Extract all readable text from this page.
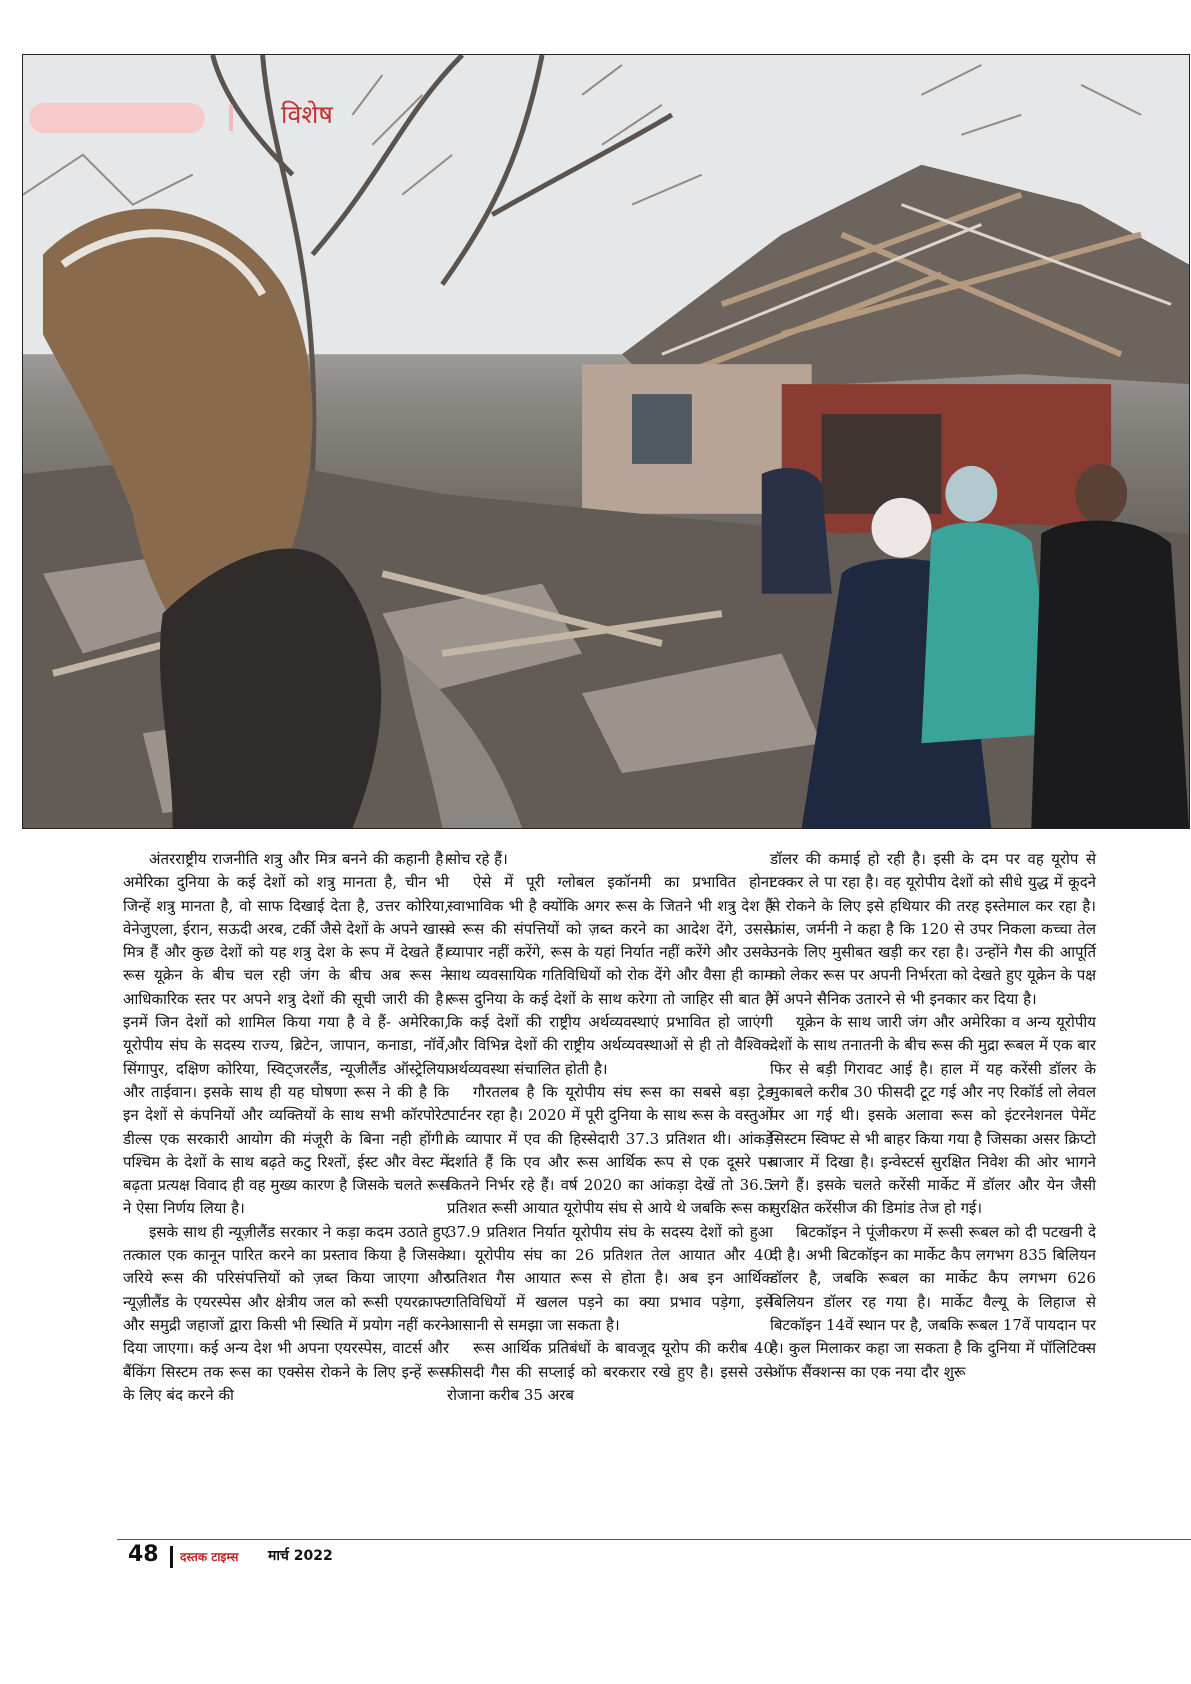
विशेष

अंतरराष्ट्रीय राजनीति शत्रु और मित्र बनने की कहानी है। अमेरिका दुनिया के कई देशों को शत्रु मानता है, चीन भी जिन्हें शत्रु मानता है, वो साफ दिखाई देता है, उत्तर कोरिया, वेनेजुएला, ईरान, सऊदी अरब, टर्की जैसे देशों के अपने खास मित्र हैं और कुछ देशों को यह शत्रु देश के रूप में देखते हैं। रूस यूक्रेन के बीच चल रही जंग के बीच अब रूस ने आधिकारिक स्तर पर अपने शत्रु देशों की सूची जारी की है। इनमें जिन देशों को शामिल किया गया है वे हैं- अमेरिका, यूरोपीय संघ के सदस्य राज्य, ब्रिटेन, जापान, कनाडा, नॉर्वे, सिंगापुर, दक्षिण कोरिया, स्विट्जरलैंड, न्यूजीलैंड ऑस्ट्रेलिया और ताईवान। इसके साथ ही यह घोषणा रूस ने की है कि इन देशों से कंपनियों और व्यक्तियों के साथ सभी कॉरपोरेट डील्स एक सरकारी आयोग की मंजूरी के बिना नही होंगी। पश्चिम के देशों के साथ बढ़ते कटु रिश्तों, ईस्ट और वेस्ट में बढ़ता प्रत्यक्ष विवाद ही वह मुख्य कारण है जिसके चलते रूस ने ऐसा निर्णय लिया है।

इसके साथ ही न्यूज़ीलैंड सरकार ने कड़ा कदम उठाते हुए तत्काल एक कानून पारित करने का प्रस्ताव किया है जिसके जरिये रूस की परिसंपत्तियों को ज़ब्त किया जाएगा और न्यूज़ीलैंड के एयरस्पेस और क्षेत्रीय जल को रूसी एयरक्राफ्ट और समुद्री जहाजों द्वारा किसी भी स्थिति में प्रयोग नहीं करने दिया जाएगा। कई अन्य देश भी अपना एयरस्पेस, वाटर्स और बैंकिंग सिस्टम तक रूस का एक्सेस रोकने के लिए इन्हें रूस के लिए बंद करने की

सोच रहे हैं।

ऐसे में पूरी ग्लोबल इकॉनमी का प्रभावित होना स्वाभाविक भी है क्योंकि अगर रूस के जितने भी शत्रु देश हैं वे रूस की संपत्तियों को ज़ब्त करने का आदेश देंगे, उससे व्यापार नहीं करेंगे, रूस के यहां निर्यात नहीं करेंगे और उसके साथ व्यवसायिक गतिविधियों को रोक देंगे और वैसा ही काम रूस दुनिया के कई देशों के साथ करेगा तो जाहिर सी बात है कि कई देशों की राष्ट्रीय अर्थव्यवस्थाएं प्रभावित हो जाएंगी और विभिन्न देशों की राष्ट्रीय अर्थव्यवस्थाओं से ही तो वैश्विक अर्थव्यवस्था संचालित होती है।

गौरतलब है कि यूरोपीय संघ रूस का सबसे बड़ा ट्रेड पार्टनर रहा है। 2020 में पूरी दुनिया के साथ रूस के वस्तुओं के व्यापार में एव की हिस्सेदारी 37.3 प्रतिशत थी। आंकड़े दर्शाते हैं कि एव और रूस आर्थिक रूप से एक दूसरे पर कितने निर्भर रहे हैं। वर्ष 2020 का आंकड़ा देखें तो 36.5 प्रतिशत रूसी आयात यूरोपीय संघ से आये थे जबकि रूस का 37.9 प्रतिशत निर्यात यूरोपीय संघ के सदस्य देशों को हुआ था। यूरोपीय संघ का 26 प्रतिशत तेल आयात और 40 प्रतिशत गैस आयात रूस से होता है। अब इन आर्थिक गतिविधियों में खलल पड़ने का क्या प्रभाव पड़ेगा, इसे आसानी से समझा जा सकता है।

रूस आर्थिक प्रतिबंधों के बावजूद यूरोप की करीब 40 फीसदी गैस की सप्लाई को बरकरार रखे हुए है। इससे उसे रोजाना करीब 35 अरब

डॉलर की कमाई हो रही है। इसी के दम पर वह यूरोप से टक्कर ले पा रहा है। वह यूरोपीय देशों को सीधे युद्ध में कूदने से रोकने के लिए इसे हथियार की तरह इस्तेमाल कर रहा है। फ्रांस, जर्मनी ने कहा है कि 120 से उपर निकला कच्चा तेल उनके लिए मुसीबत खड़ी कर रहा है। उन्होंने गैस की आपूर्ति को लेकर रूस पर अपनी निर्भरता को देखते हुए यूक्रेन के पक्ष में अपने सैनिक उतारने से भी इनकार कर दिया है।

यूक्रेन के साथ जारी जंग और अमेरिका व अन्य यूरोपीय देशों के साथ तनातनी के बीच रूस की मुद्रा रूबल में एक बार फिर से बड़ी गिरावट आई है। हाल में यह करेंसी डॉलर के मुकाबले करीब 30 फीसदी टूट गई और नए रिकॉर्ड लो लेवल पर आ गई थी। इसके अलावा रूस को इंटरनेशनल पेमेंट सिस्टम स्विफ्ट से भी बाहर किया गया है जिसका असर क्रिप्टो बाजार में दिखा है। इन्वेस्टर्स सुरक्षित निवेश की ओर भागने लगे हैं। इसके चलते करेंसी मार्केट में डॉलर और येन जैसी सुरक्षित करेंसीज की डिमांड तेज हो गई।

बिटकॉइन ने पूंजीकरण में रूसी रूबल को दी पटखनी दे दी है। अभी बिटकॉइन का मार्केट कैप लगभग 835 बिलियन डॉलर है, जबकि रूबल का मार्केट कैप लगभग 626 बिलियन डॉलर रह गया है। मार्केट वैल्यू के लिहाज से बिटकॉइन 14वें स्थान पर है, जबकि रूबल 17वें पायदान पर है। कुल मिलाकर कहा जा सकता है कि दुनिया में पॉलिटिक्स ऑफ सैंक्शन्स का एक नया दौर शुरू

48 दस्तक टाइम्स मार्च 2022
